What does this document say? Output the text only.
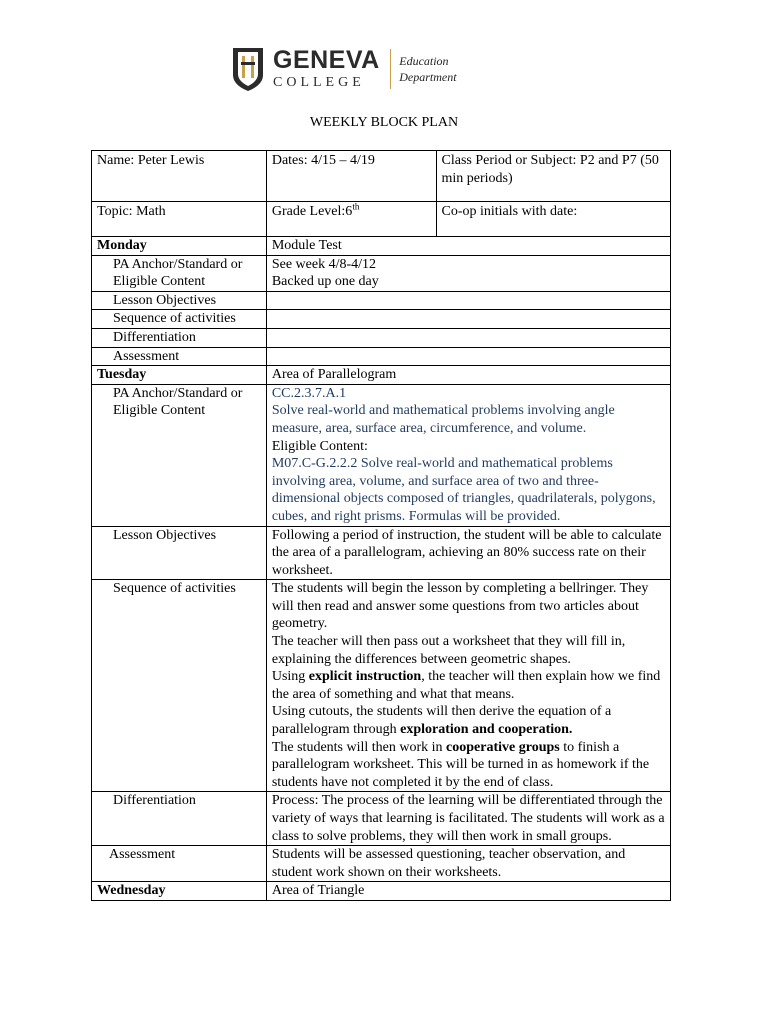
GENEVA
COLLEGE
Education
Department
WEEKLY BLOCK PLAN
Name: Peter Lewis	Dates: 4/15 – 4/19	Class Period or Subject: P2 and P7 (50 min periods)
Topic: Math	Grade Level:6th	Co-op initials with date:
Monday	Module Test	
PA Anchor/Standard or Eligible Content	See week 4/8-4/12
Backed up one day	

Lesson Objectives		
Sequence of activities		
Differentiation		
Assessment		
Tuesday	Area of Parallelogram	
PA Anchor/Standard or Eligible Content	CC.2.3.7.A.1
Solve real-world and mathematical problems involving angle measure, area, surface area, circumference, and volume.
Eligible Content:
M07.C-G.2.2.2 Solve real-world and mathematical problems involving area, volume, and surface area of two and three-dimensional objects composed of triangles, quadrilaterals, polygons, cubes, and right prisms. Formulas will be provided.	

Lesson Objectives	Following a period of instruction, the student will be able to calculate the area of a parallelogram, achieving an 80% success rate on their worksheet.	
Sequence of activities	The students will begin the lesson by completing a bellringer. They will then read and answer some questions from two articles about geometry.
The teacher will then pass out a worksheet that they will fill in, explaining the differences between geometric shapes.
Using explicit instruction, the teacher will then explain how we find the area of something and what that means.
Using cutouts, the students will then derive the equation of a parallelogram through exploration and cooperation.
The students will then work in cooperative groups to finish a parallelogram worksheet. This will be turned in as homework if the students have not completed it by the end of class.	

Differentiation	Process: The process of the learning will be differentiated through the variety of ways that learning is facilitated. The students will work as a class to solve problems, they will then work in small groups.	
Assessment	Students will be assessed questioning, teacher observation, and student work shown on their worksheets.	
Wednesday	Area of Triangle	
